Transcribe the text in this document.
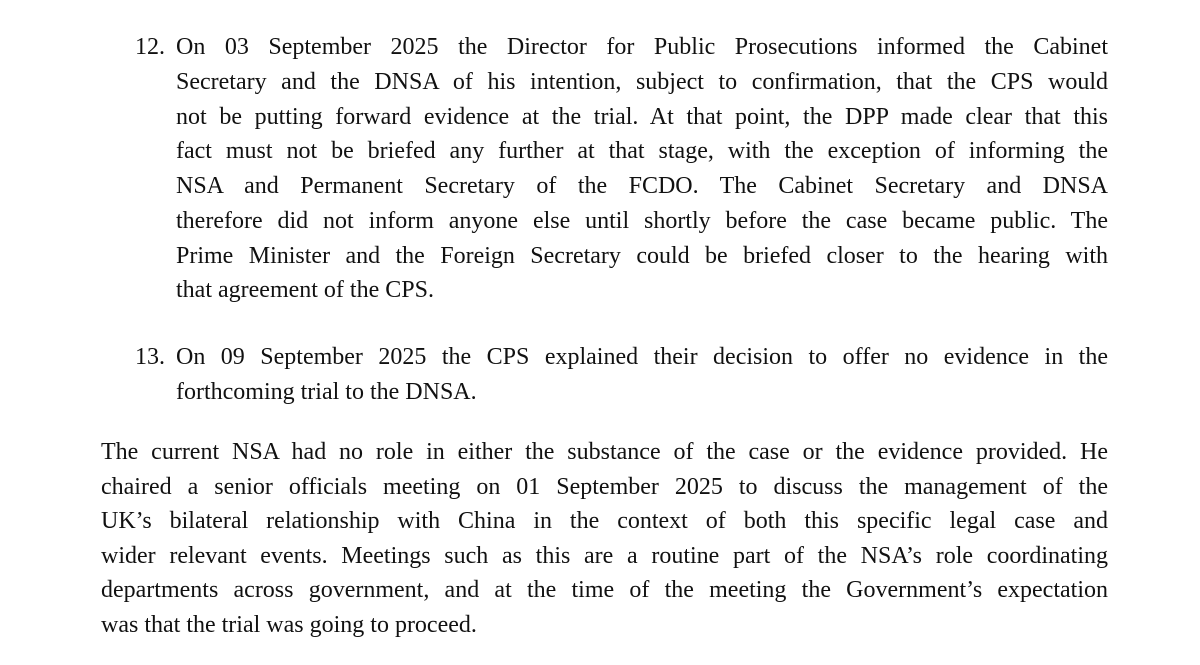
12. On 03 September 2025 the Director for Public Prosecutions informed the Cabinet
Secretary and the DNSA of his intention, subject to confirmation, that the CPS would
not be putting forward evidence at the trial. At that point, the DPP made clear that this
fact must not be briefed any further at that stage, with the exception of informing the
NSA and Permanent Secretary of the FCDO. The Cabinet Secretary and DNSA
therefore did not inform anyone else until shortly before the case became public. The
Prime Minister and the Foreign Secretary could be briefed closer to the hearing with
that agreement of the CPS.
13. On 09 September 2025 the CPS explained their decision to offer no evidence in the
forthcoming trial to the DNSA.
The current NSA had no role in either the substance of the case or the evidence provided. He
chaired a senior officials meeting on 01 September 2025 to discuss the management of the
UK’s bilateral relationship with China in the context of both this specific legal case and
wider relevant events. Meetings such as this are a routine part of the NSA’s role coordinating
departments across government, and at the time of the meeting the Government’s expectation
was that the trial was going to proceed.
